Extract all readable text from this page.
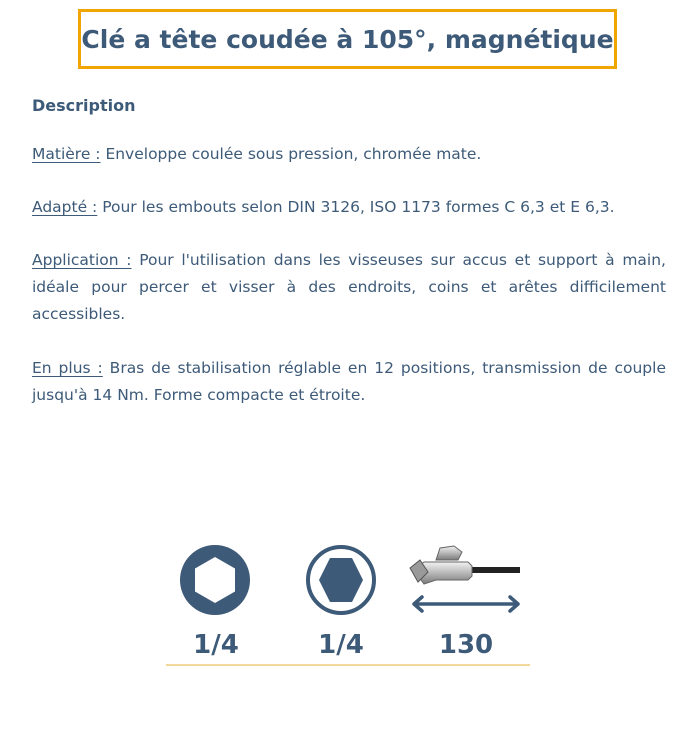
Clé a tête coudée à 105°, magnétique
Description

Matière : Enveloppe coulée sous pression, chromée mate.

Adapté : Pour les embouts selon DIN 3126, ISO 1173 formes C 6,3 et E 6,3.

Application : Pour l'utilisation dans les visseuses sur accus et support à main, idéale pour percer et visser à des endroits, coins et arêtes difficilement accessibles.

En plus : Bras de stabilisation réglable en 12 positions, transmission de couple jusqu'à 14 Nm. Forme compacte et étroite.

1/4	1/4	130
